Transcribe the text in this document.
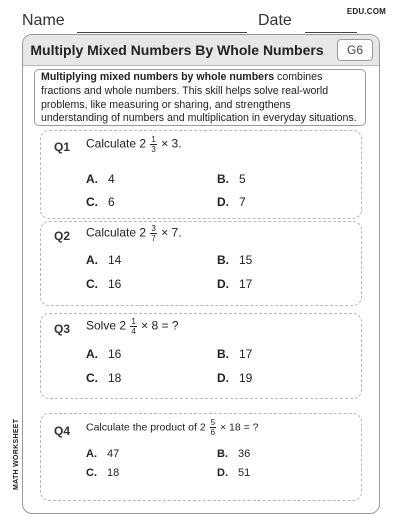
Name	Date
EDU.COM
Multiply Mixed Numbers By Whole Numbers	G6
Multiplying mixed numbers by whole numbers combines fractions and whole numbers. This skill helps solve real-world problems, like measuring or sharing, and strengthens understanding of numbers and multiplication in everyday situations.
Q1 Calculate $2 \frac{1}{3} \times 3$.
A. 4	B. 5
C. 6	D. 7
Q2 Calculate $2 \frac{3}{7} \times 7$.
A. 14	B. 15
C. 16	D. 17
Q3 Solve $2 \frac{1}{4} \times 8$ = ?
A. 16	B. 17
C. 18	D. 19
Q4 Calculate the product of $2 \frac{5}{6} \times 18$ = ?
A. 47	B. 36
C. 18	D. 51
MATH WORKSHEET
